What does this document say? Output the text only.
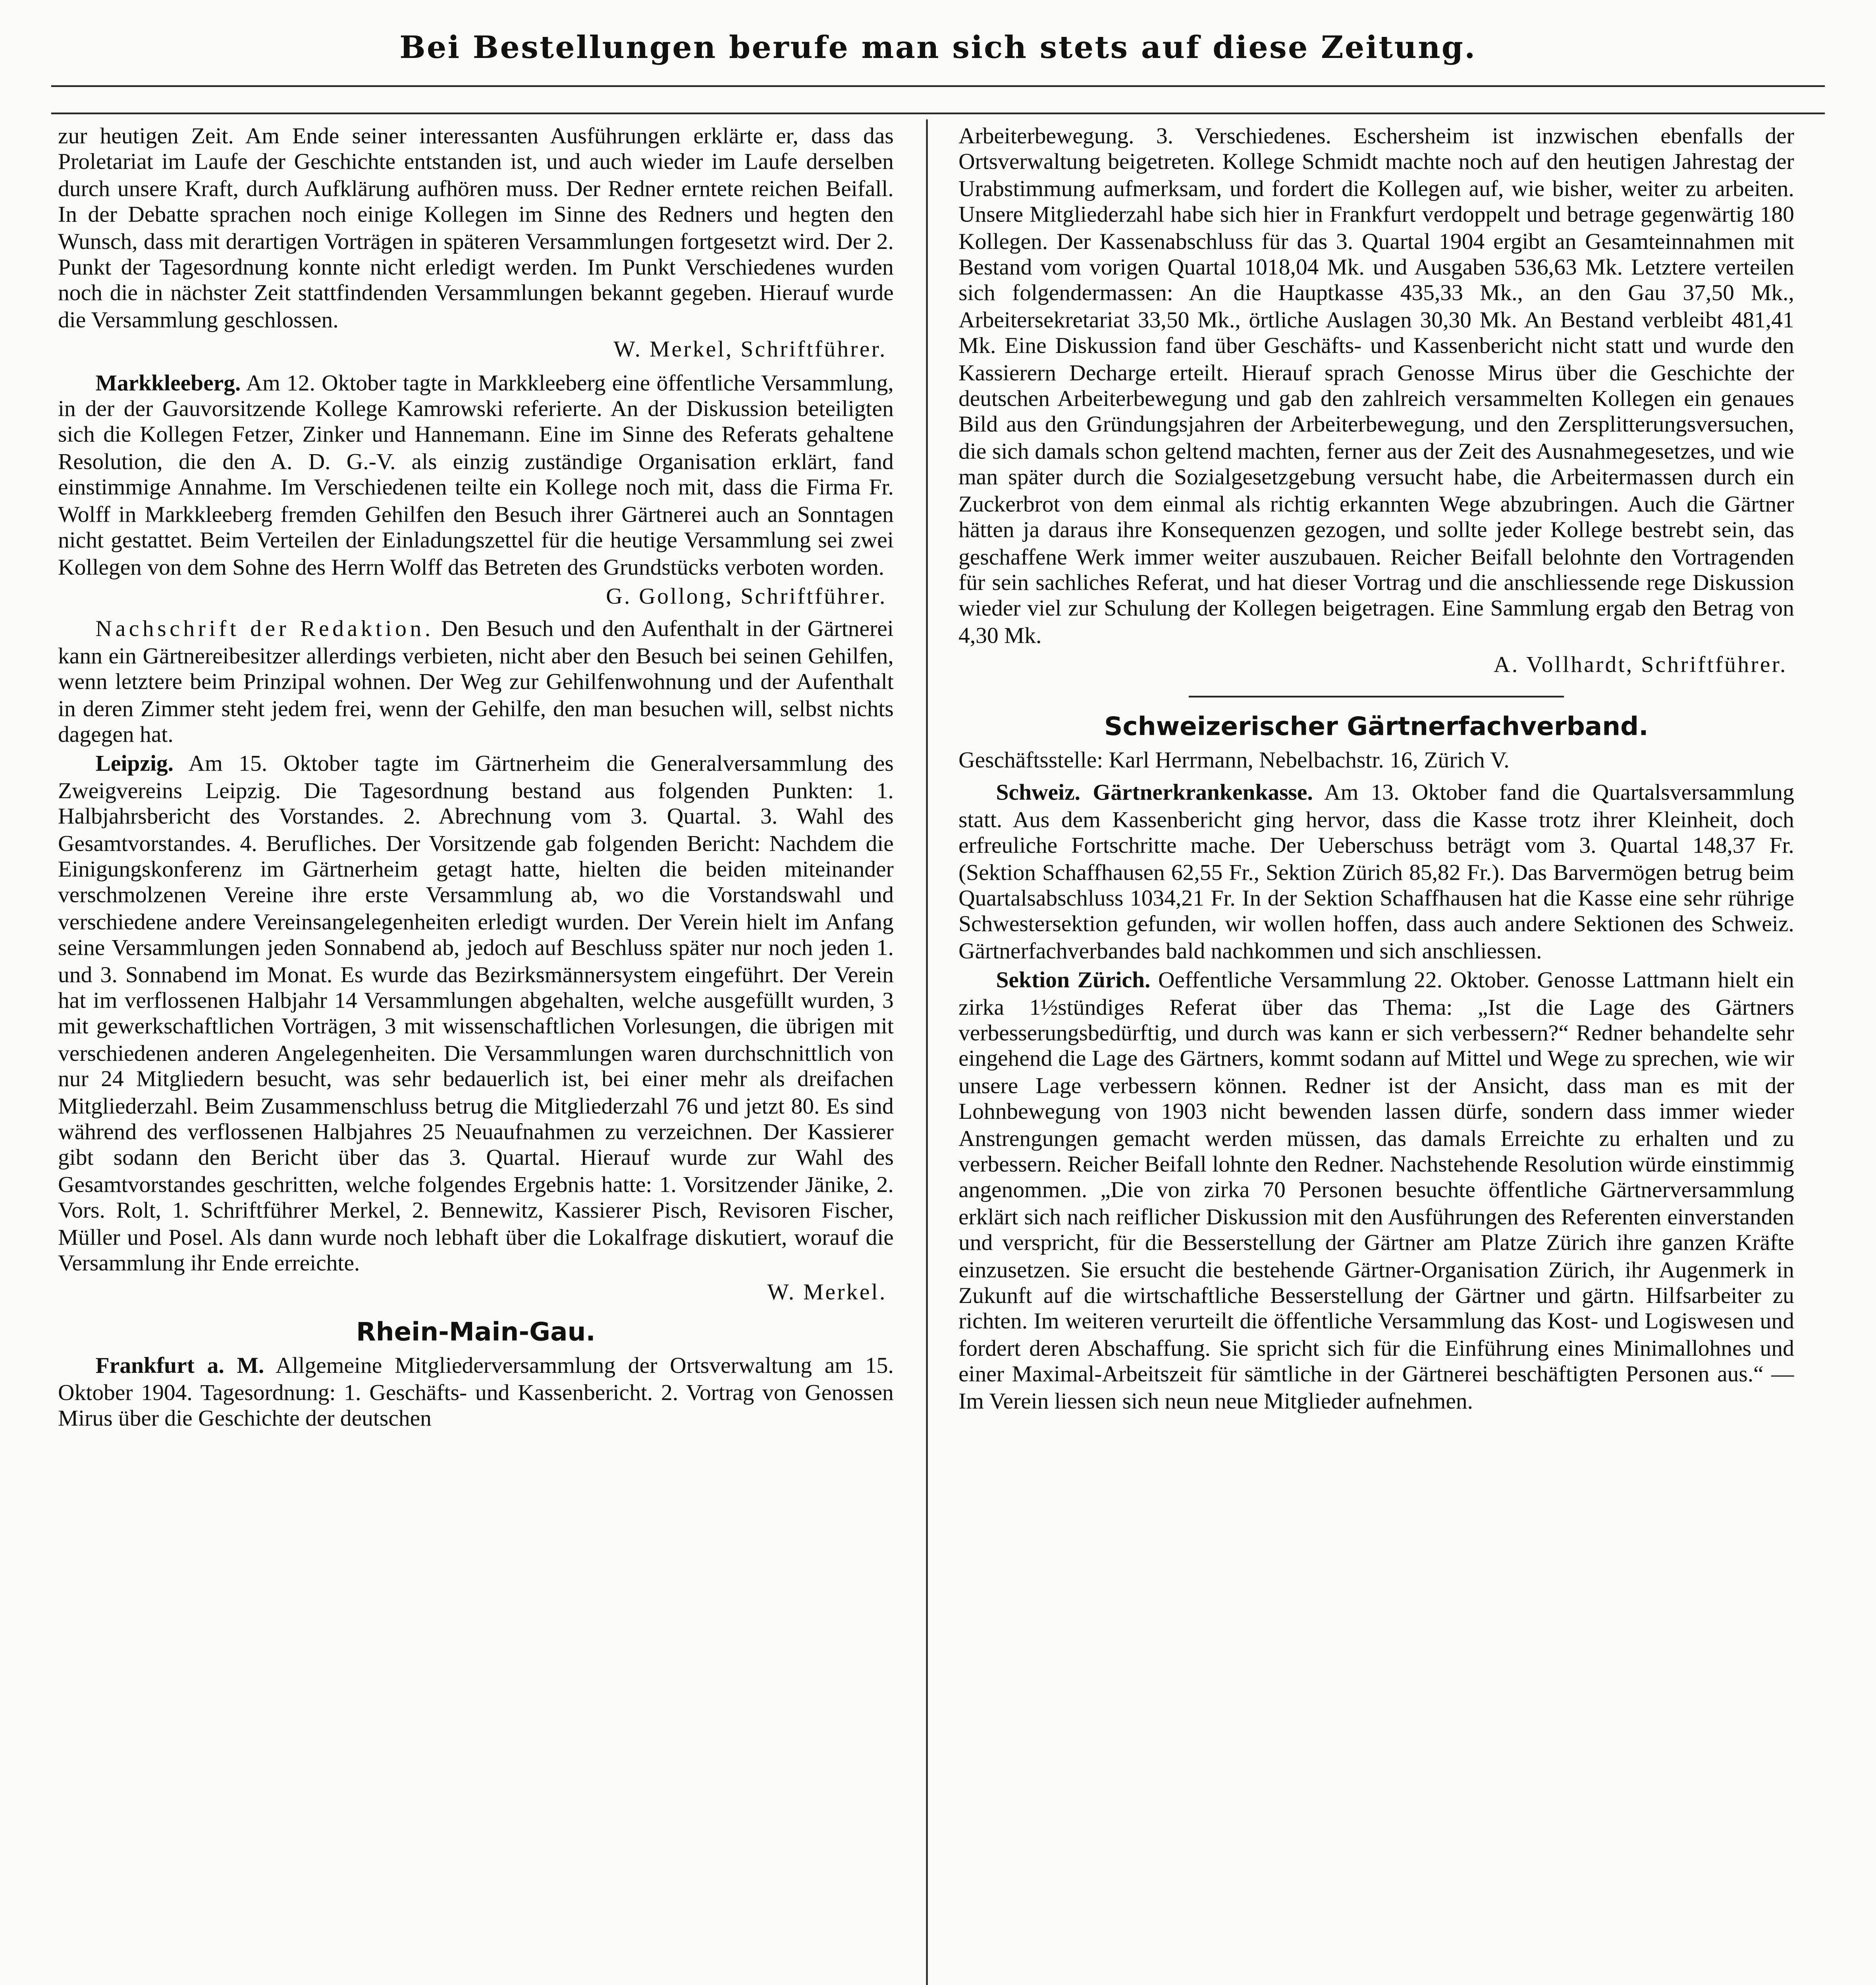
Bei Bestellungen berufe man sich stets auf diese Zeitung.

zur heutigen Zeit. Am Ende seiner interessanten Ausführungen erklärte er, dass das Proletariat im Laufe der Geschichte entstanden ist, und auch wieder im Laufe derselben durch unsere Kraft, durch Aufklärung aufhören muss. Der Redner erntete reichen Beifall. In der Debatte sprachen noch einige Kollegen im Sinne des Redners und hegten den Wunsch, dass mit derartigen Vorträgen in späteren Versammlungen fortgesetzt wird. Der 2. Punkt der Tagesordnung konnte nicht erledigt werden. Im Punkt Verschiedenes wurden noch die in nächster Zeit stattfindenden Versammlungen bekannt gegeben. Hierauf wurde die Versammlung geschlossen.

W. Merkel, Schriftführer.

Markkleeberg. Am 12. Oktober tagte in Markkleeberg eine öffentliche Versammlung, in der der Gauvorsitzende Kollege Kamrowski referierte. An der Diskussion beteiligten sich die Kollegen Fetzer, Zinker und Hannemann. Eine im Sinne des Referats gehaltene Resolution, die den A. D. G.-V. als einzig zuständige Organisation erklärt, fand einstimmige Annahme. Im Verschiedenen teilte ein Kollege noch mit, dass die Firma Fr. Wolff in Markkleeberg fremden Gehilfen den Besuch ihrer Gärtnerei auch an Sonntagen nicht gestattet. Beim Verteilen der Einladungszettel für die heutige Versammlung sei zwei Kollegen von dem Sohne des Herrn Wolff das Betreten des Grundstücks verboten worden.

G. Gollong, Schriftführer.

Nachschrift der Redaktion. Den Besuch und den Aufenthalt in der Gärtnerei kann ein Gärtnereibesitzer allerdings verbieten, nicht aber den Besuch bei seinen Gehilfen, wenn letztere beim Prinzipal wohnen. Der Weg zur Gehilfenwohnung und der Aufenthalt in deren Zimmer steht jedem frei, wenn der Gehilfe, den man besuchen will, selbst nichts dagegen hat.

Leipzig. Am 15. Oktober tagte im Gärtnerheim die Generalversammlung des Zweigvereins Leipzig. Die Tagesordnung bestand aus folgenden Punkten: 1. Halbjahrsbericht des Vorstandes. 2. Abrechnung vom 3. Quartal. 3. Wahl des Gesamtvorstandes. 4. Berufliches. Der Vorsitzende gab folgenden Bericht: Nachdem die Einigungskonferenz im Gärtnerheim getagt hatte, hielten die beiden miteinander verschmolzenen Vereine ihre erste Versammlung ab, wo die Vorstandswahl und verschiedene andere Vereinsangelegenheiten erledigt wurden. Der Verein hielt im Anfang seine Versammlungen jeden Sonnabend ab, jedoch auf Beschluss später nur noch jeden 1. und 3. Sonnabend im Monat. Es wurde das Bezirksmännersystem eingeführt. Der Verein hat im verflossenen Halbjahr 14 Versammlungen abgehalten, welche ausgefüllt wurden, 3 mit gewerkschaftlichen Vorträgen, 3 mit wissenschaftlichen Vorlesungen, die übrigen mit verschiedenen anderen Angelegenheiten. Die Versammlungen waren durchschnittlich von nur 24 Mitgliedern besucht, was sehr bedauerlich ist, bei einer mehr als dreifachen Mitgliederzahl. Beim Zusammenschluss betrug die Mitgliederzahl 76 und jetzt 80. Es sind während des verflossenen Halbjahres 25 Neuaufnahmen zu verzeichnen. Der Kassierer gibt sodann den Bericht über das 3. Quartal. Hierauf wurde zur Wahl des Gesamtvorstandes geschritten, welche folgendes Ergebnis hatte: 1. Vorsitzender Jänike, 2. Vors. Rolt, 1. Schriftführer Merkel, 2. Bennewitz, Kassierer Pisch, Revisoren Fischer, Müller und Posel. Als dann wurde noch lebhaft über die Lokalfrage diskutiert, worauf die Versammlung ihr Ende erreichte.

W. Merkel.

Rhein-Main-Gau.

Frankfurt a. M. Allgemeine Mitgliederversammlung der Ortsverwaltung am 15. Oktober 1904. Tagesordnung: 1. Geschäfts- und Kassenbericht. 2. Vortrag von Genossen Mirus über die Geschichte der deutschen

Arbeiterbewegung. 3. Verschiedenes. Eschersheim ist inzwischen ebenfalls der Ortsverwaltung beigetreten. Kollege Schmidt machte noch auf den heutigen Jahrestag der Urabstimmung aufmerksam, und fordert die Kollegen auf, wie bisher, weiter zu arbeiten. Unsere Mitgliederzahl habe sich hier in Frankfurt verdoppelt und betrage gegenwärtig 180 Kollegen. Der Kassenabschluss für das 3. Quartal 1904 ergibt an Gesamteinnahmen mit Bestand vom vorigen Quartal 1018,04 Mk. und Ausgaben 536,63 Mk. Letztere verteilen sich folgendermassen: An die Hauptkasse 435,33 Mk., an den Gau 37,50 Mk., Arbeitersekretariat 33,50 Mk., örtliche Auslagen 30,30 Mk. An Bestand verbleibt 481,41 Mk. Eine Diskussion fand über Geschäfts- und Kassenbericht nicht statt und wurde den Kassierern Decharge erteilt. Hierauf sprach Genosse Mirus über die Geschichte der deutschen Arbeiterbewegung und gab den zahlreich versammelten Kollegen ein genaues Bild aus den Gründungsjahren der Arbeiterbewegung, und den Zersplitterungsversuchen, die sich damals schon geltend machten, ferner aus der Zeit des Ausnahmegesetzes, und wie man später durch die Sozialgesetzgebung versucht habe, die Arbeitermassen durch ein Zuckerbrot von dem einmal als richtig erkannten Wege abzubringen. Auch die Gärtner hätten ja daraus ihre Konsequenzen gezogen, und sollte jeder Kollege bestrebt sein, das geschaffene Werk immer weiter auszubauen. Reicher Beifall belohnte den Vortragenden für sein sachliches Referat, und hat dieser Vortrag und die anschliessende rege Diskussion wieder viel zur Schulung der Kollegen beigetragen. Eine Sammlung ergab den Betrag von 4,30 Mk.

A. Vollhardt, Schriftführer.

Schweizerischer Gärtnerfachverband.

Geschäftsstelle: Karl Herrmann, Nebelbachstr. 16, Zürich V.

Schweiz. Gärtnerkrankenkasse. Am 13. Oktober fand die Quartalsversammlung statt. Aus dem Kassenbericht ging hervor, dass die Kasse trotz ihrer Kleinheit, doch erfreuliche Fortschritte mache. Der Ueberschuss beträgt vom 3. Quartal 148,37 Fr. (Sektion Schaffhausen 62,55 Fr., Sektion Zürich 85,82 Fr.). Das Barvermögen betrug beim Quartalsabschluss 1034,21 Fr. In der Sektion Schaffhausen hat die Kasse eine sehr rührige Schwestersektion gefunden, wir wollen hoffen, dass auch andere Sektionen des Schweiz. Gärtnerfachverbandes bald nachkommen und sich anschliessen.

Sektion Zürich. Oeffentliche Versammlung 22. Oktober. Genosse Lattmann hielt ein zirka 1½stündiges Referat über das Thema: „Ist die Lage des Gärtners verbesserungsbedürftig, und durch was kann er sich verbessern?“ Redner behandelte sehr eingehend die Lage des Gärtners, kommt sodann auf Mittel und Wege zu sprechen, wie wir unsere Lage verbessern können. Redner ist der Ansicht, dass man es mit der Lohnbewegung von 1903 nicht bewenden lassen dürfe, sondern dass immer wieder Anstrengungen gemacht werden müssen, das damals Erreichte zu erhalten und zu verbessern. Reicher Beifall lohnte den Redner. Nachstehende Resolution würde einstimmig angenommen. „Die von zirka 70 Personen besuchte öffentliche Gärtnerversammlung erklärt sich nach reiflicher Diskussion mit den Ausführungen des Referenten einverstanden und verspricht, für die Besserstellung der Gärtner am Platze Zürich ihre ganzen Kräfte einzusetzen. Sie ersucht die bestehende Gärtner-Organisation Zürich, ihr Augenmerk in Zukunft auf die wirtschaftliche Besserstellung der Gärtner und gärtn. Hilfsarbeiter zu richten. Im weiteren verurteilt die öffentliche Versammlung das Kost- und Logiswesen und fordert deren Abschaffung. Sie spricht sich für die Einführung eines Minimallohnes und einer Maximal-Arbeitszeit für sämtliche in der Gärtnerei beschäftigten Personen aus.“ — Im Verein liessen sich neun neue Mitglieder aufnehmen.
